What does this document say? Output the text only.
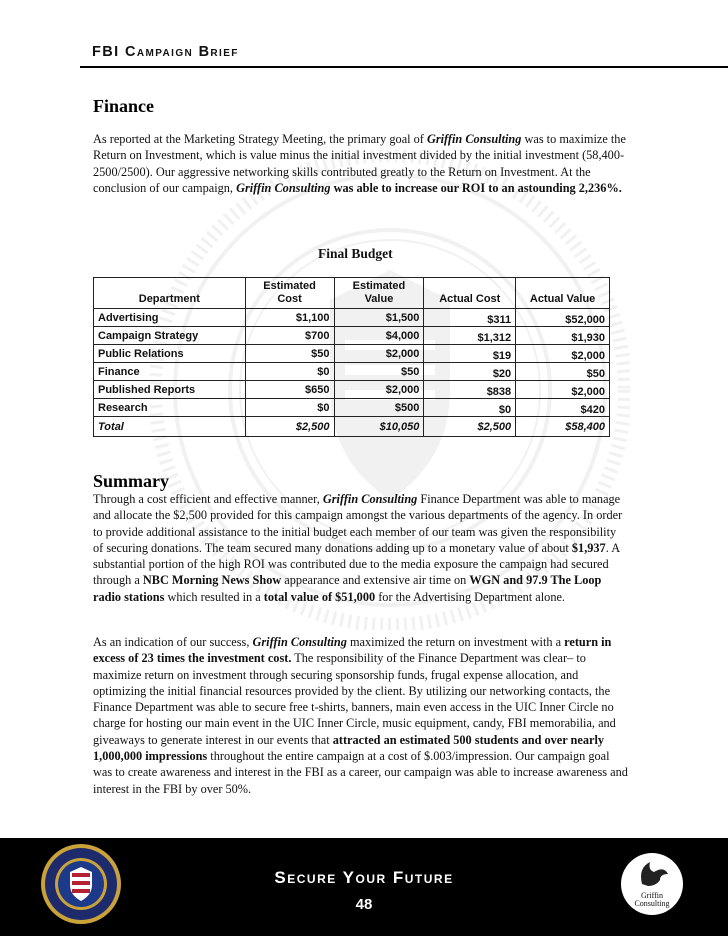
FBI Campaign Brief
Finance
As reported at the Marketing Strategy Meeting, the primary goal of Griffin Consulting was to maximize the Return on Investment, which is value minus the initial investment divided by the initial investment (58,400-2500/2500). Our aggressive networking skills contributed greatly to the Return on Investment. At the conclusion of our campaign, Griffin Consulting was able to increase our ROI to an astounding 2,236%.
Final Budget
Department	Estimated Cost	Estimated Value	Actual Cost	Actual Value
Advertising	$1,100	$1,500	$311	$52,000
Campaign Strategy	$700	$4,000	$1,312	$1,930
Public Relations	$50	$2,000	$19	$2,000
Finance	$0	$50	$20	$50
Published Reports	$650	$2,000	$838	$2,000
Research	$0	$500	$0	$420
Total	$2,500	$10,050	$2,500	$58,400
Summary
Through a cost efficient and effective manner, Griffin Consulting Finance Department was able to manage and allocate the $2,500 provided for this campaign amongst the various departments of the agency. In order to provide additional assistance to the initial budget each member of our team was given the responsibility of securing donations. The team secured many donations adding up to a monetary value of about $1,937. A substantial portion of the high ROI was contributed due to the media exposure the campaign had secured through a NBC Morning News Show appearance and extensive air time on WGN and 97.9 The Loop radio stations which resulted in a total value of $51,000 for the Advertising Department alone.
As an indication of our success, Griffin Consulting maximized the return on investment with a return in excess of 23 times the investment cost. The responsibility of the Finance Department was clear– to maximize return on investment through securing sponsorship funds, frugal expense allocation, and optimizing the initial financial resources provided by the client. By utilizing our networking contacts, the Finance Department was able to secure free t-shirts, banners, main even access in the UIC Inner Circle no charge for hosting our main event in the UIC Inner Circle, music equipment, candy, FBI memorabilia, and giveaways to generate interest in our events that attracted an estimated 500 students and over nearly 1,000,000 impressions throughout the entire campaign at a cost of $.003/impression. Our campaign goal was to create awareness and interest in the FBI as a career, our campaign was able to increase awareness and interest in the FBI by over 50%.
Secure Your Future
48
Griffin
Consulting
